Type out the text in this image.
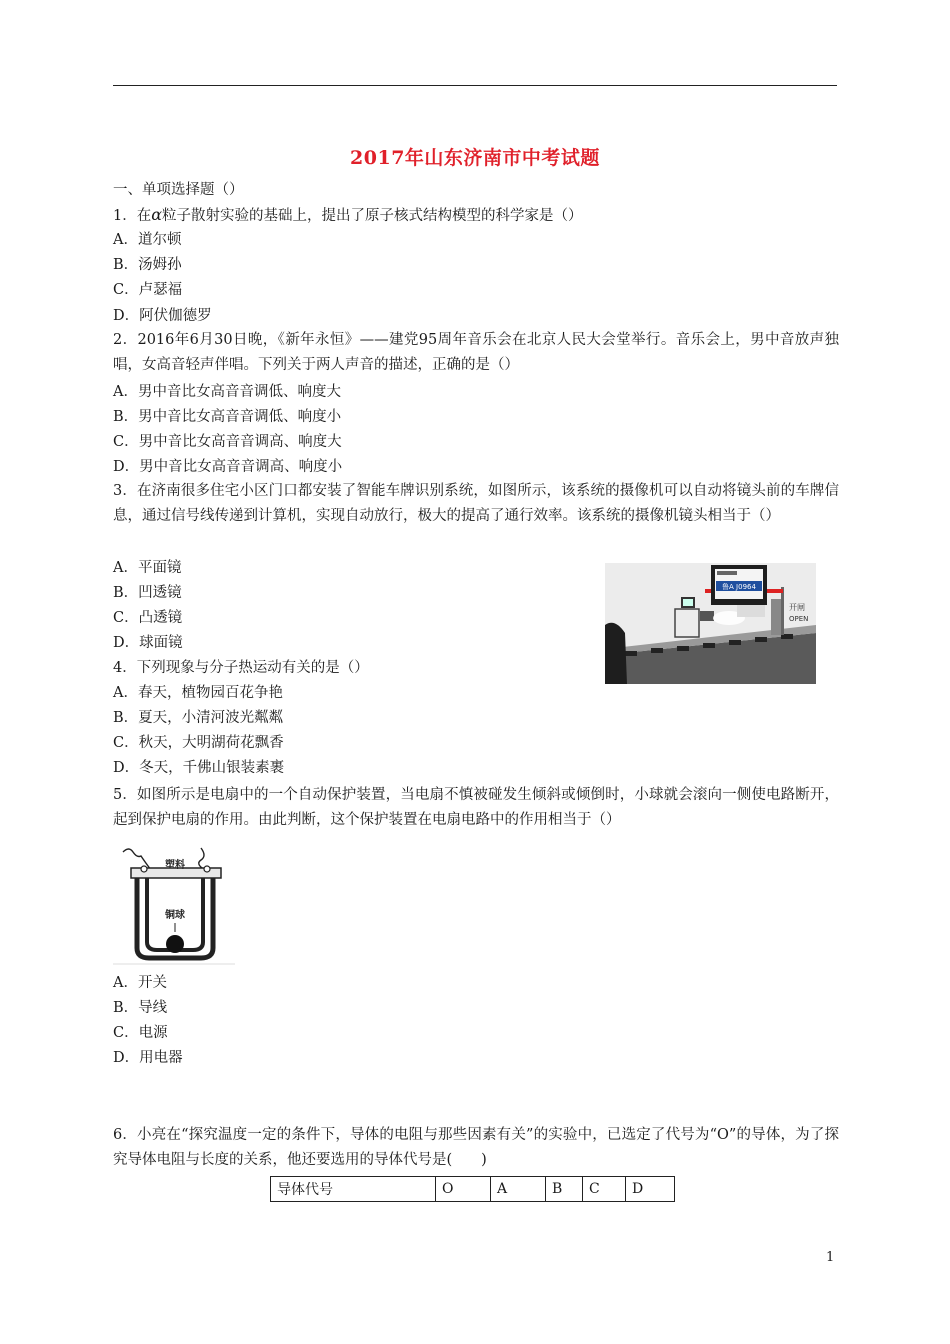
2017年山东济南市中考试题
一、单项选择题（）
1．在α粒子散射实验的基础上，提出了原子核式结构模型的科学家是（）
A．道尔顿
B．汤姆孙
C．卢瑟福
D．阿伏伽德罗
2．2016年6月30日晚，《新年永恒》——建党95周年音乐会在北京人民大会堂举行。音乐会上，男中音放声独唱，女高音轻声伴唱。下列关于两人声音的描述，正确的是（）
A．男中音比女高音音调低、响度大
B．男中音比女高音音调低、响度小
C．男中音比女高音音调高、响度大
D．男中音比女高音音调高、响度小
3．在济南很多住宅小区门口都安装了智能车牌识别系统，如图所示，该系统的摄像机可以自动将镜头前的车牌信息，通过信号线传递到计算机，实现自动放行，极大的提高了通行效率。该系统的摄像机镜头相当于（）
A．平面镜
B．凹透镜
C．凸透镜
D．球面镜
鲁A J0964
开闸
OPEN
4．下列现象与分子热运动有关的是（）
A．春天，植物园百花争艳
B．夏天，小清河波光粼粼
C．秋天，大明湖荷花飘香
D．冬天，千佛山银装素裹
5．如图所示是电扇中的一个自动保护装置，当电扇不慎被碰发生倾斜或倾倒时，小球就会滚向一侧使电路断开，起到保护电扇的作用。由此判断，这个保护装置在电扇电路中的作用相当于（）
塑料
铜球
A．开关
B．导线
C．电源
D．用电器
6．小亮在“探究温度一定的条件下，导体的电阻与那些因素有关”的实验中，已选定了代号为“O”的导体，为了探究导体电阻与长度的关系，他还要选用的导体代号是(　　)
导体代号	O	A	B	C	D
1
